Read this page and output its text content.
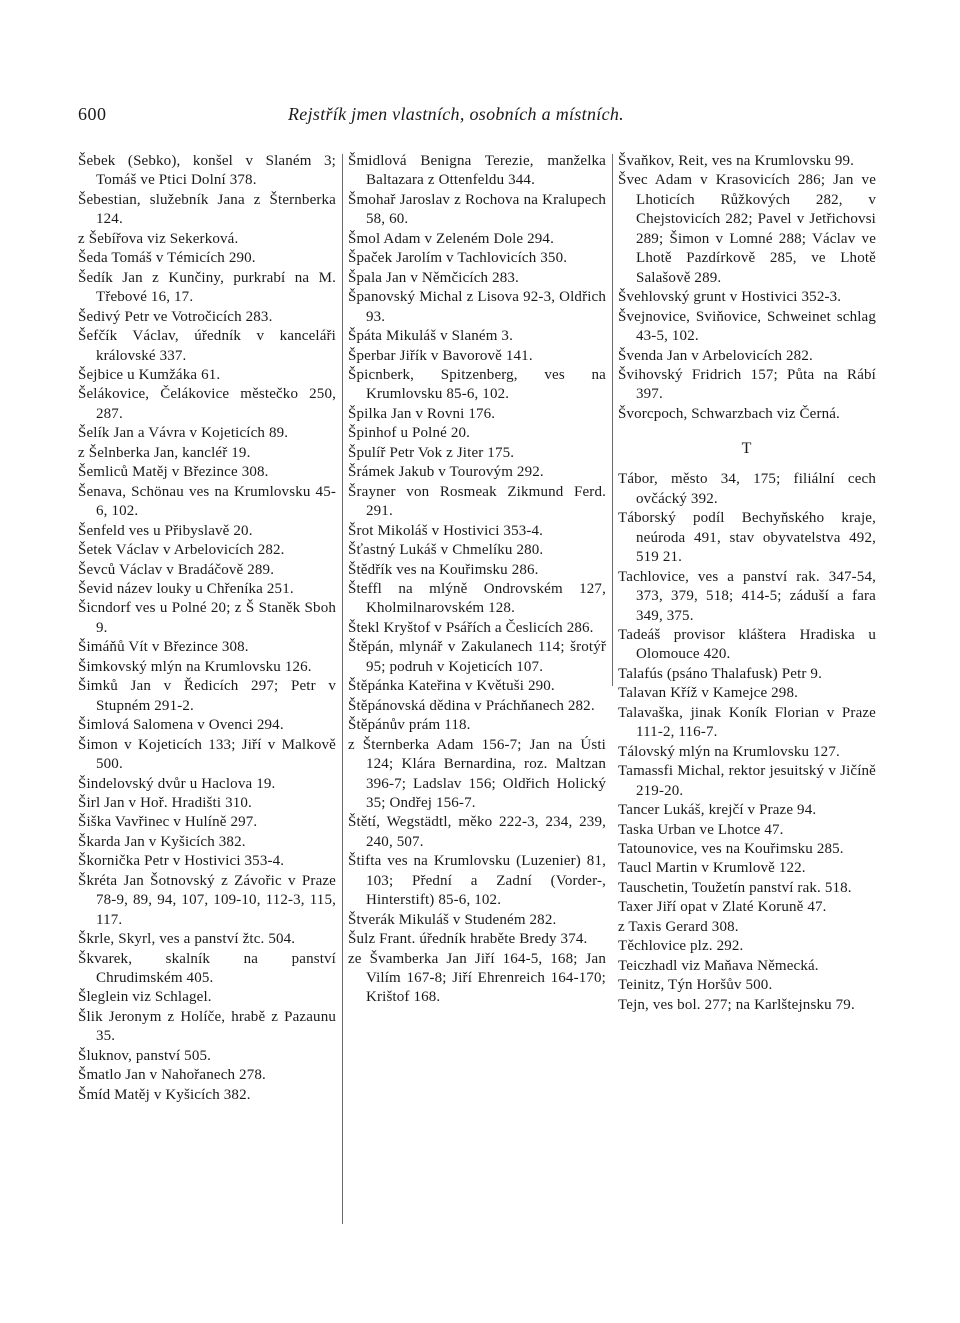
600	Rejstřík jmen vlastních, osobních a místních.

Šebek (Sebko), konšel v Slaném 3; Tomáš ve Ptici Dolní 378.

Šebestian, služebník Jana z Šternberka 124.

z Šebířova viz Sekerková.

Šeda Tomáš v Témicích 290.

Šedík Jan z Kunčiny, purkrabí na M. Třebové 16, 17.

Šedivý Petr ve Votročicích 283.

Šefčík Václav, úředník v kanceláři královské 337.

Šejbice u Kumžáka 61.

Šelákovice, Čelákovice městečko 250, 287.

Šelík Jan a Vávra v Kojeticích 89.

z Šelnberka Jan, kancléř 19.

Šemliců Matěj v Březince 308.

Šenava, Schönau ves na Krumlovsku 45-6, 102.

Šenfeld ves u Přibyslavě 20.

Šetek Václav v Arbelovicích 282.

Ševců Václav v Bradáčově 289.

Ševid název louky u Chřeníka 251.

Šicndorf ves u Polné 20; z Š Staněk Sboh 9.

Šimáňů Vít v Březince 308.

Šimkovský mlýn na Krumlovsku 126.

Šimků Jan v Ředicích 297; Petr v Stupném 291-2.

Šimlová Salomena v Ovenci 294.

Šimon v Kojeticích 133; Jiří v Malkově 500.

Šindelovský dvůr u Haclova 19.

Širl Jan v Hoř. Hradišti 310.

Šiška Vavřinec v Hulíně 297.

Škarda Jan v Kyšicích 382.

Škornička Petr v Hostivici 353-4.

Škréta Jan Šotnovský z Závořic v Praze 78-9, 89, 94, 107, 109-10, 112-3, 115, 117.

Škrle, Skyrl, ves a panství žtc. 504.

Škvarek, skalník na panství Chrudimském 405.

Šleglein viz Schlagel.

Šlik Jeronym z Holíče, hrabě z Pazaunu 35.

Šluknov, panství 505.

Šmatlo Jan v Nahořanech 278.

Šmíd Matěj v Kyšicích 382.

Šmidlová Benigna Terezie, manželka Baltazara z Ottenfeldu 344.

Šmohař Jaroslav z Rochova na Kralupech 58, 60.

Šmol Adam v Zeleném Dole 294.

Špaček Jarolím v Tachlovicích 350.

Špala Jan v Němčicích 283.

Španovský Michal z Lisova 92-3, Oldřich 93.

Špáta Mikuláš v Slaném 3.

Šperbar Jiřík v Bavorově 141.

Špicnberk, Spitzenberg, ves na Krumlovsku 85-6, 102.

Špilka Jan v Rovni 176.

Špinhof u Polné 20.

Špulíř Petr Vok z Jiter 175.

Šrámek Jakub v Tourovým 292.

Šrayner von Rosmeak Zikmund Ferd. 291.

Šrot Mikoláš v Hostivici 353-4.

Šťastný Lukáš v Chmelíku 280.

Štědřík ves na Kouřimsku 286.

Šteffl na mlýně Ondrovském 127, Kholmilnarovském 128.

Štekl Kryštof v Psářích a Česlicích 286.

Štěpán, mlynář v Zakulanech 114; šrotýř 95; podruh v Kojeticích 107.

Štěpánka Kateřina v Květuši 290.

Štěpánovská dědina v Práchňanech 282.

Štěpánův prám 118.

z Šternberka Adam 156-7; Jan na Ústi 124; Klára Bernardina, roz. Maltzan 396-7; Ladslav 156; Oldřich Holický 35; Ondřej 156-7.

Štětí, Wegstädtl, měko 222-3, 234, 239, 240, 507.

Štifta ves na Krumlovsku (Luzenier) 81, 103; Přední a Zadní (Vorder-, Hinterstift) 85-6, 102.

Štverák Mikuláš v Studeném 282.

Šulz Frant. úředník hraběte Bredy 374.

ze Švamberka Jan Jiří 164-5, 168; Jan Vilím 167-8; Jiří Ehrenreich 164-170; Krištof 168.

Švaňkov, Reit, ves na Krumlovsku 99.

Švec Adam v Krasovicích 286; Jan ve Lhoticích Růžkových 282, v Chejstovicích 282; Pavel v Jetřichovsi 289; Šimon v Lomné 288; Václav ve Lhotě Pazdírkově 285, ve Lhotě Salašově 289.

Švehlovský grunt v Hostivici 352-3.

Švejnovice, Sviňovice, Schweinet schlag 43-5, 102.

Švenda Jan v Arbelovicích 282.

Švihovský Fridrich 157; Půta na Rábí 397.

Švorcpoch, Schwarzbach viz Černá.

T

Tábor, město 34, 175; filiální cech ovčácký 392.

Táborský podíl Bechyňského kraje, neúroda 491, stav obyvatelstva 492, 519 21.

Tachlovice, ves a panství rak. 347-54, 373, 379, 518; 414-5; záduší a fara 349, 375.

Tadeáš provisor kláštera Hradiska u Olomouce 420.

Talafús (psáno Thalafusk) Petr 9.

Talavan Kříž v Kamejce 298.

Talavaška, jinak Koník Florian v Praze 111-2, 116-7.

Tálovský mlýn na Krumlovsku 127.

Tamassfi Michal, rektor jesuitský v Jičíně 219-20.

Tancer Lukáš, krejčí v Praze 94.

Taska Urban ve Lhotce 47.

Tatounovice, ves na Kouřimsku 285.

Taucl Martin v Krumlově 122.

Tauschetin, Toužetín panství rak. 518.

Taxer Jiří opat v Zlaté Koruně 47.

z Taxis Gerard 308.

Těchlovice plz. 292.

Teiczhadl viz Maňava Německá.

Teinitz, Týn Horšův 500.

Tejn, ves bol. 277; na Karlštejnsku 79.
